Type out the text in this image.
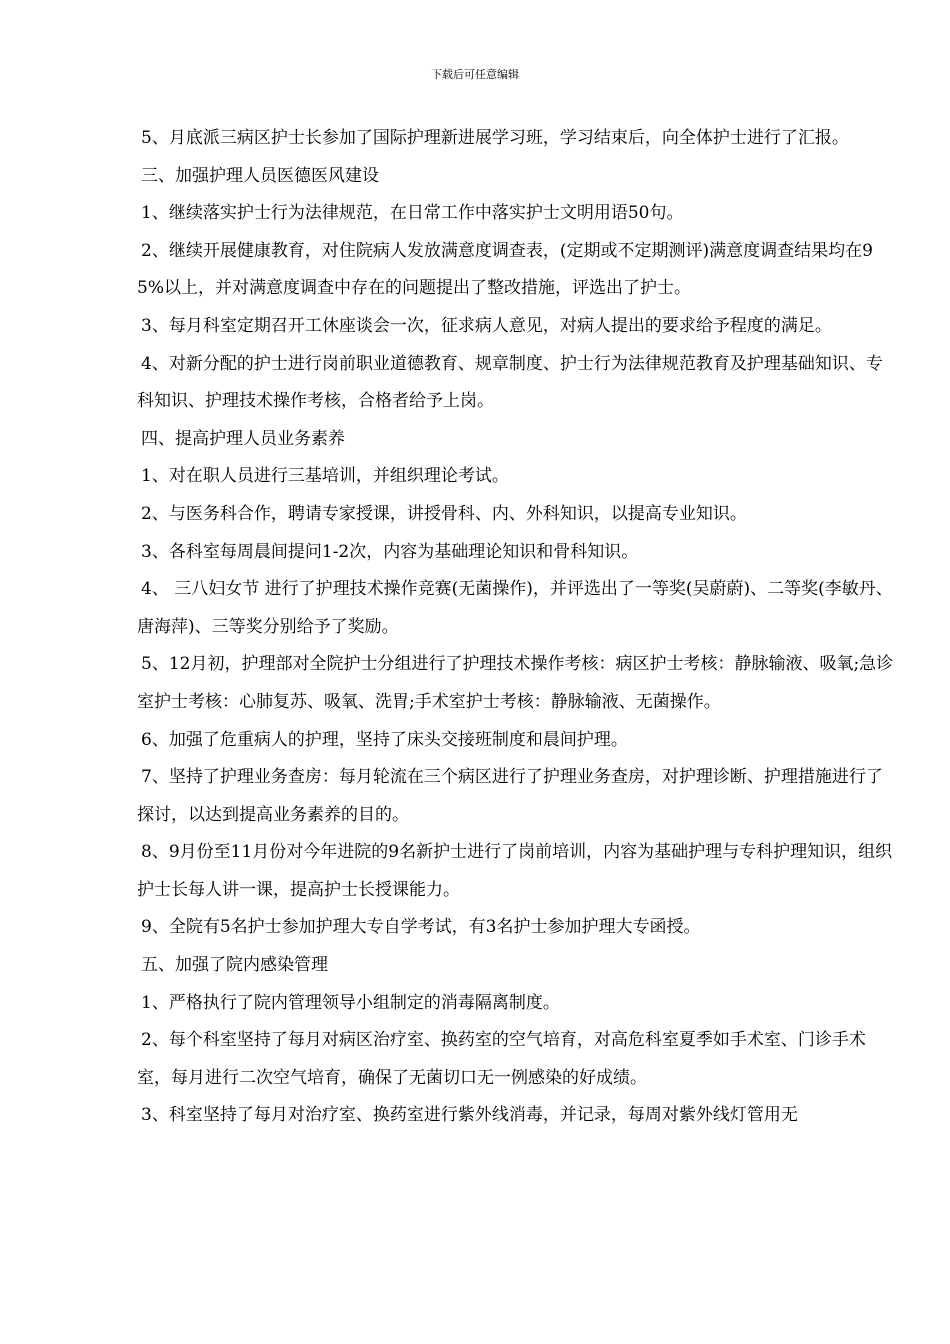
下载后可任意编辑

5、月底派三病区护士长参加了国际护理新进展学习班，学习结束后，向全体护士进行了汇报。

三、加强护理人员医德医风建设

1、继续落实护士行为法律规范，在日常工作中落实护士文明用语50句。

2、继续开展健康教育，对住院病人发放满意度调查表，(定期或不定期测评)满意度调查结果均在95%以上，并对满意度调查中存在的问题提出了整改措施，评选出了护士。

3、每月科室定期召开工休座谈会一次，征求病人意见，对病人提出的要求给予程度的满足。

4、对新分配的护士进行岗前职业道德教育、规章制度、护士行为法律规范教育及护理基础知识、专科知识、护理技术操作考核，合格者给予上岗。

四、提高护理人员业务素养

1、对在职人员进行三基培训，并组织理论考试。

2、与医务科合作，聘请专家授课，讲授骨科、内、外科知识，以提高专业知识。

3、各科室每周晨间提问1-2次，内容为基础理论知识和骨科知识。

4、 三八妇女节 进行了护理技术操作竞赛(无菌操作)，并评选出了一等奖(吴蔚蔚)、二等奖(李敏丹、唐海萍)、三等奖分别给予了奖励。

5、12月初，护理部对全院护士分组进行了护理技术操作考核：病区护士考核：静脉输液、吸氧;急诊室护士考核：心肺复苏、吸氧、洗胃;手术室护士考核：静脉输液、无菌操作。

6、加强了危重病人的护理，坚持了床头交接班制度和晨间护理。

7、坚持了护理业务查房：每月轮流在三个病区进行了护理业务查房，对护理诊断、护理措施进行了探讨，以达到提高业务素养的目的。

8、9月份至11月份对今年进院的9名新护士进行了岗前培训，内容为基础护理与专科护理知识，组织护士长每人讲一课，提高护士长授课能力。

9、全院有5名护士参加护理大专自学考试，有3名护士参加护理大专函授。

五、加强了院内感染管理

1、严格执行了院内管理领导小组制定的消毒隔离制度。

2、每个科室坚持了每月对病区治疗室、换药室的空气培育，对高危科室夏季如手术室、门诊手术室，每月进行二次空气培育，确保了无菌切口无一例感染的好成绩。

3、科室坚持了每月对治疗室、换药室进行紫外线消毒，并记录，每周对紫外线灯管用无
